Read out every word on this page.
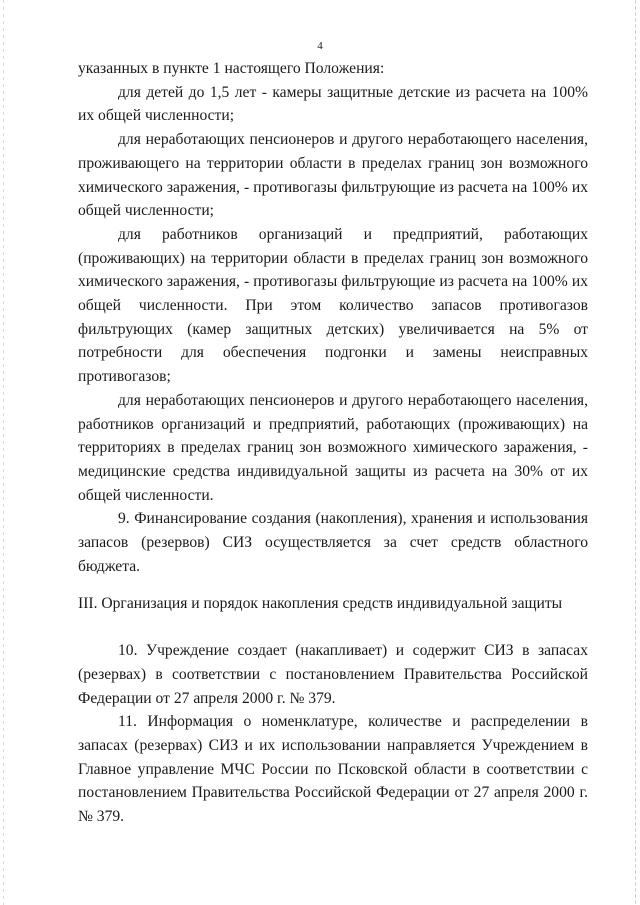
4

указанных в пункте 1 настоящего Положения:

для детей до 1,5 лет - камеры защитные детские из расчета на 100% их общей численности;

для неработающих пенсионеров и другого неработающего населения, проживающего на территории области в пределах границ зон возможного химического заражения, - противогазы фильтрующие из расчета на 100% их общей численности;

для работников организаций и предприятий, работающих (проживающих) на территории области в пределах границ зон возможного химического заражения, - противогазы фильтрующие из расчета на 100% их общей численности. При этом количество запасов противогазов фильтрующих (камер защитных детских) увеличивается на 5% от потребности для обеспечения подгонки и замены неисправных противогазов;

для неработающих пенсионеров и другого неработающего населения, работников организаций и предприятий, работающих (проживающих) на территориях в пределах границ зон возможного химического заражения, - медицинские средства индивидуальной защиты из расчета на 30% от их общей численности.

9. Финансирование создания (накопления), хранения и использования запасов (резервов) СИЗ осуществляется за счет средств областного бюджета.

III. Организация и порядок накопления средств индивидуальной защиты

10. Учреждение создает (накапливает) и содержит СИЗ в запасах (резервах) в соответствии с постановлением Правительства Российской Федерации от 27 апреля 2000 г. № 379.

11. Информация о номенклатуре, количестве и распределении в запасах (резервах) СИЗ и их использовании направляется Учреждением в Главное управление МЧС России по Псковской области в соответствии с постановлением Правительства Российской Федерации от 27 апреля 2000 г. № 379.
